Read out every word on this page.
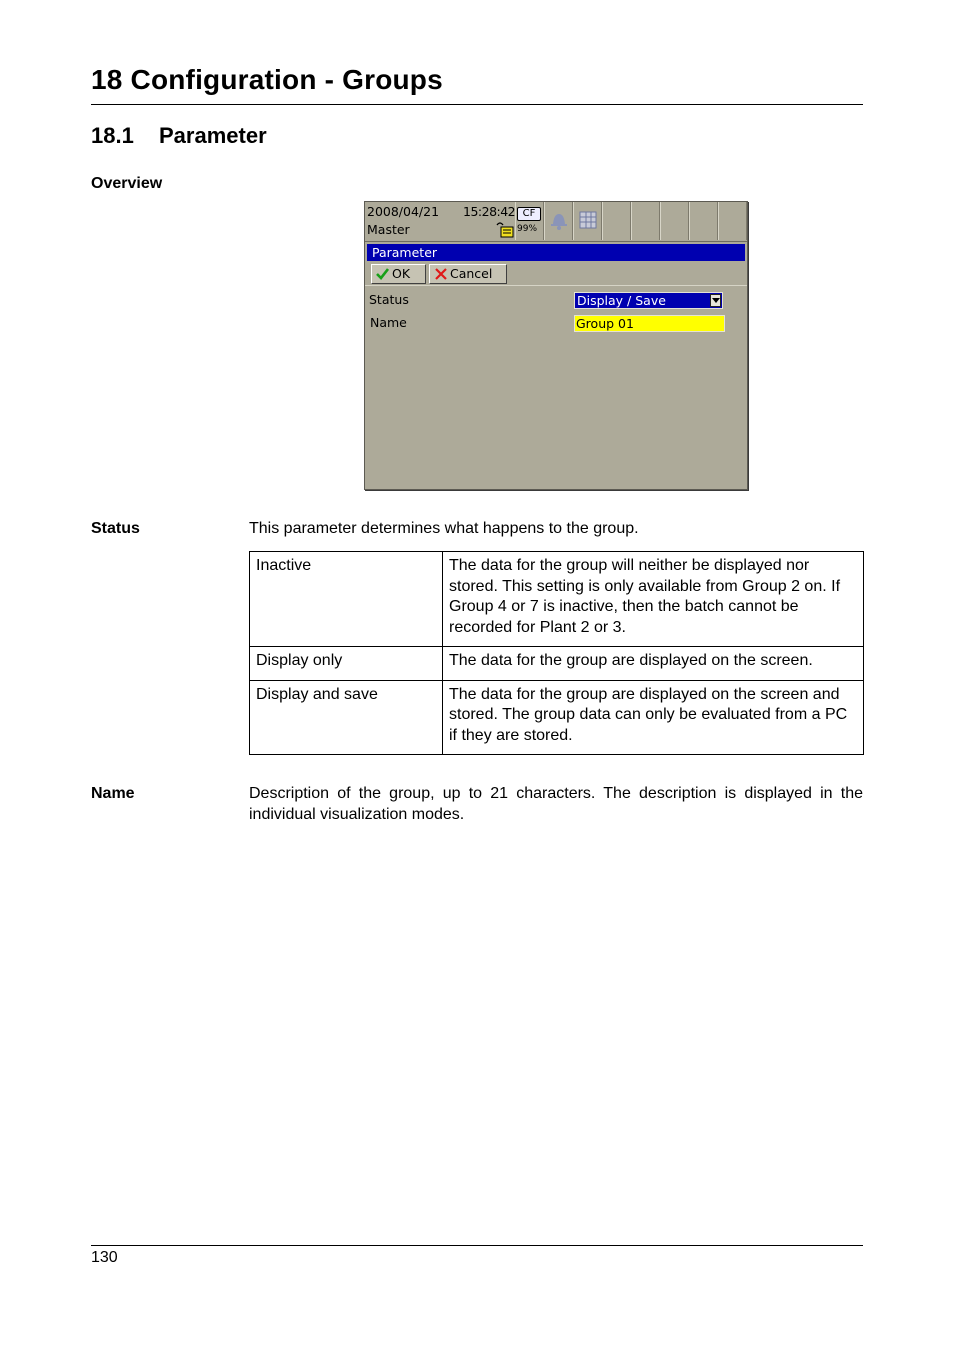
18 Configuration - Groups
18.1 Parameter
Overview
2008/04/21 15:28:42
Master
CF
99%
Parameter
OK	Cancel
Status	Display / Save
Name	Group 01
Status	This parameter determines what happens to the group.
Inactive	The data for the group will neither be displayed nor stored. This setting is only available from Group 2 on. If Group 4 or 7 is inactive, then the batch cannot be recorded for Plant 2 or 3.
Display only	The data for the group are displayed on the screen.
Display and save	The data for the group are displayed on the screen and stored. The group data can only be evaluated from a PC if they are stored.
Name	Description of the group, up to 21 characters. The description is displayed in the individual visualization modes.
130
